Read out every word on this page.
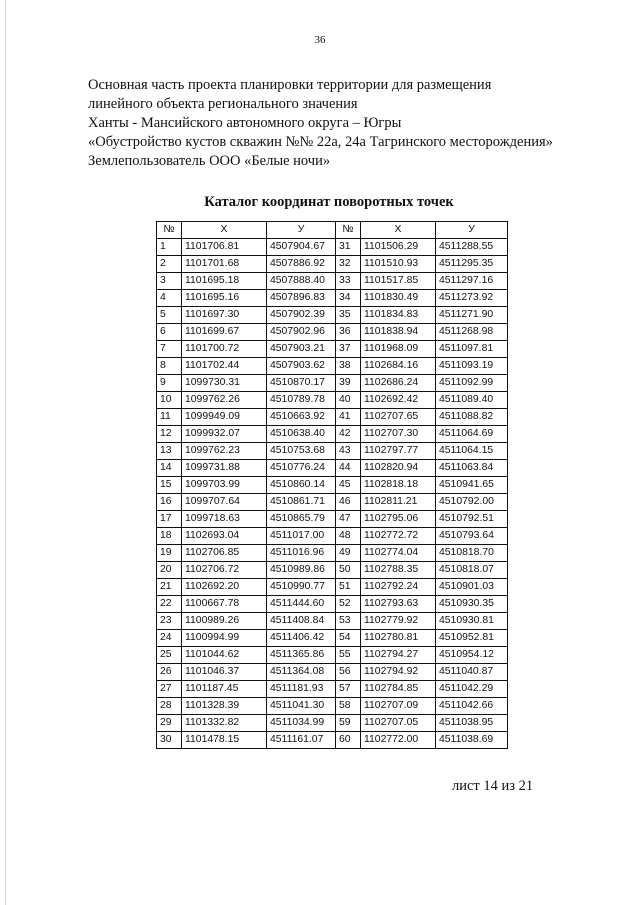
36
Основная часть проекта планировки территории для размещения
линейного объекта регионального значения
Ханты - Мансийского автономного округа – Югры
«Обустройство кустов скважин №№ 22а, 24а Тагринского месторождения»
Землепользователь ООО «Белые ночи»
Каталог координат поворотных точек
№	X	У	№	X	У
1	1101706.81	4507904.67	31	1101506.29	4511288.55
2	1101701.68	4507886.92	32	1101510.93	4511295.35
3	1101695.18	4507888.40	33	1101517.85	4511297.16
4	1101695.16	4507896.83	34	1101830.49	4511273.92
5	1101697.30	4507902.39	35	1101834.83	4511271.90
6	1101699.67	4507902.96	36	1101838.94	4511268.98
7	1101700.72	4507903.21	37	1101968.09	4511097.81
8	1101702.44	4507903.62	38	1102684.16	4511093.19
9	1099730.31	4510870.17	39	1102686.24	4511092.99
10	1099762.26	4510789.78	40	1102692.42	4511089.40
11	1099949.09	4510663.92	41	1102707.65	4511088.82
12	1099932.07	4510638.40	42	1102707.30	4511064.69
13	1099762.23	4510753.68	43	1102797.77	4511064.15
14	1099731.88	4510776.24	44	1102820.94	4511063.84
15	1099703.99	4510860.14	45	1102818.18	4510941.65
16	1099707.64	4510861.71	46	1102811.21	4510792.00
17	1099718.63	4510865.79	47	1102795.06	4510792.51
18	1102693.04	4511017.00	48	1102772.72	4510793.64
19	1102706.85	4511016.96	49	1102774.04	4510818.70
20	1102706.72	4510989.86	50	1102788.35	4510818.07
21	1102692.20	4510990.77	51	1102792.24	4510901.03
22	1100667.78	4511444.60	52	1102793.63	4510930.35
23	1100989.26	4511408.84	53	1102779.92	4510930.81
24	1100994.99	4511406.42	54	1102780.81	4510952.81
25	1101044.62	4511365.86	55	1102794.27	4510954.12
26	1101046.37	4511364.08	56	1102794.92	4511040.87
27	1101187.45	4511181.93	57	1102784.85	4511042.29
28	1101328.39	4511041.30	58	1102707.09	4511042.66
29	1101332.82	4511034.99	59	1102707.05	4511038.95
30	1101478.15	4511161.07	60	1102772.00	4511038.69
лист 14 из 21
